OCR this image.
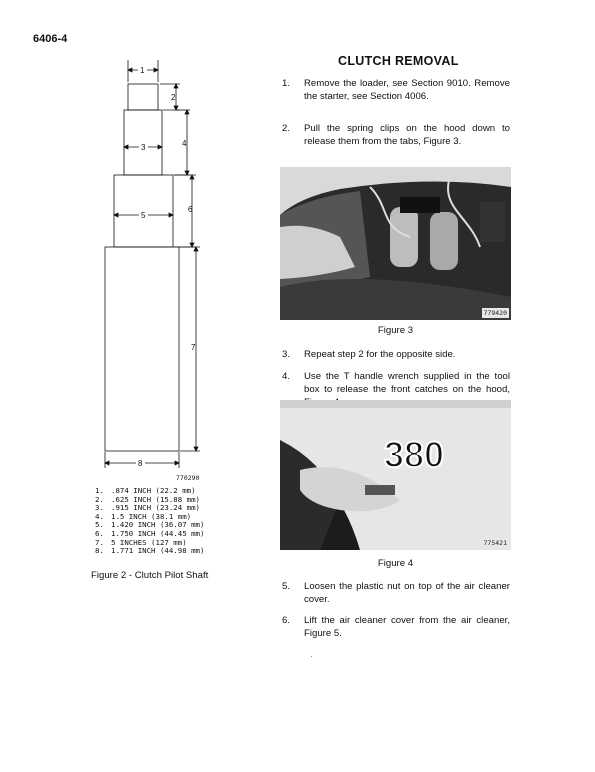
6406-4
CLUTCH REMOVAL
1
2
4
3
6
5
7
8
770290
1. .874 INCH (22.2 mm)
2. .625 INCH (15.88 mm)
3. .915 INCH (23.24 mm)
4. 1.5 INCH (38.1 mm)
5. 1.420 INCH (36.07 mm)
6. 1.750 INCH (44.45 mm)
7. 5 INCHES (127 mm)
8. 1.771 INCH (44.98 mm)
Figure 2 - Clutch Pilot Shaft
1. Remove the loader, see Section 9010. Remove the starter, see Section 4006.
2. Pull the spring clips on the hood down to release them from the tabs, Figure 3.
779420
Figure 3
3. Repeat step 2 for the opposite side.
4. Use the T handle wrench supplied in the tool box to release the front catches on the hood,
380
775421
Figure 4
5. Loosen the plastic nut on top of the air cleaner cover.
6. Lift the air cleaner cover from the air cleaner, Figure 5.
